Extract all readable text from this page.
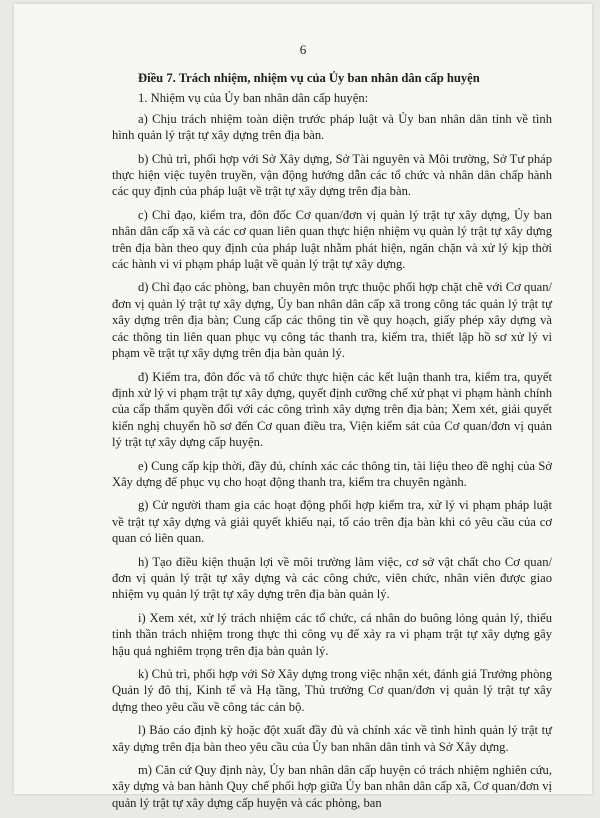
6

Điều 7. Trách nhiệm, nhiệm vụ của Ủy ban nhân dân cấp huyện

1. Nhiệm vụ của Ủy ban nhân dân cấp huyện:

a) Chịu trách nhiệm toàn diện trước pháp luật và Ủy ban nhân dân tỉnh về tình hình quản lý trật tự xây dựng trên địa bàn.

b) Chủ trì, phối hợp với Sở Xây dựng, Sở Tài nguyên và Môi trường, Sở Tư pháp thực hiện việc tuyên truyền, vận động hướng dẫn các tổ chức và nhân dân chấp hành các quy định của pháp luật về trật tự xây dựng trên địa bàn.

c) Chỉ đạo, kiểm tra, đôn đốc Cơ quan/đơn vị quản lý trật tự xây dựng, Ủy ban nhân dân cấp xã và các cơ quan liên quan thực hiện nhiệm vụ quản lý trật tự xây dựng trên địa bàn theo quy định của pháp luật nhằm phát hiện, ngăn chặn và xử lý kịp thời các hành vi vi phạm pháp luật về quản lý trật tự xây dựng.

d) Chỉ đạo các phòng, ban chuyên môn trực thuộc phối hợp chặt chẽ với Cơ quan/đơn vị quản lý trật tự xây dựng, Ủy ban nhân dân cấp xã trong công tác quản lý trật tự xây dựng trên địa bàn; Cung cấp các thông tin về quy hoạch, giấy phép xây dựng và các thông tin liên quan phục vụ công tác thanh tra, kiểm tra, thiết lập hồ sơ xử lý vi phạm về trật tự xây dựng trên địa bàn quản lý.

đ) Kiểm tra, đôn đốc và tổ chức thực hiện các kết luận thanh tra, kiểm tra, quyết định xử lý vi phạm trật tự xây dựng, quyết định cưỡng chế xử phạt vi phạm hành chính của cấp thẩm quyền đối với các công trình xây dựng trên địa bàn; Xem xét, giải quyết kiến nghị chuyển hồ sơ đến Cơ quan điều tra, Viện kiểm sát của Cơ quan/đơn vị quản lý trật tự xây dựng cấp huyện.

e) Cung cấp kịp thời, đầy đủ, chính xác các thông tin, tài liệu theo đề nghị của Sở Xây dựng để phục vụ cho hoạt động thanh tra, kiểm tra chuyên ngành.

g) Cử người tham gia các hoạt động phối hợp kiểm tra, xử lý vi phạm pháp luật về trật tự xây dựng và giải quyết khiếu nại, tố cáo trên địa bàn khi có yêu cầu của cơ quan có liên quan.

h) Tạo điều kiện thuận lợi về môi trường làm việc, cơ sở vật chất cho Cơ quan/đơn vị quản lý trật tự xây dựng và các công chức, viên chức, nhân viên được giao nhiệm vụ quản lý trật tự xây dựng trên địa bàn quản lý.

i) Xem xét, xử lý trách nhiệm các tổ chức, cá nhân do buông lỏng quản lý, thiếu tinh thần trách nhiệm trong thực thi công vụ để xảy ra vi phạm trật tự xây dựng gây hậu quả nghiêm trọng trên địa bàn quản lý.

k) Chủ trì, phối hợp với Sở Xây dựng trong việc nhận xét, đánh giá Trưởng phòng Quản lý đô thị, Kinh tế và Hạ tầng, Thủ trưởng Cơ quan/đơn vị quản lý trật tự xây dựng theo yêu cầu về công tác cán bộ.

l) Báo cáo định kỳ hoặc đột xuất đầy đủ và chính xác về tình hình quản lý trật tự xây dựng trên địa bàn theo yêu cầu của Ủy ban nhân dân tỉnh và Sở Xây dựng.

m) Căn cứ Quy định này, Ủy ban nhân dân cấp huyện có trách nhiệm nghiên cứu, xây dựng và ban hành Quy chế phối hợp giữa Ủy ban nhân dân cấp xã, Cơ quan/đơn vị quản lý trật tự xây dựng cấp huyện và các phòng, ban
